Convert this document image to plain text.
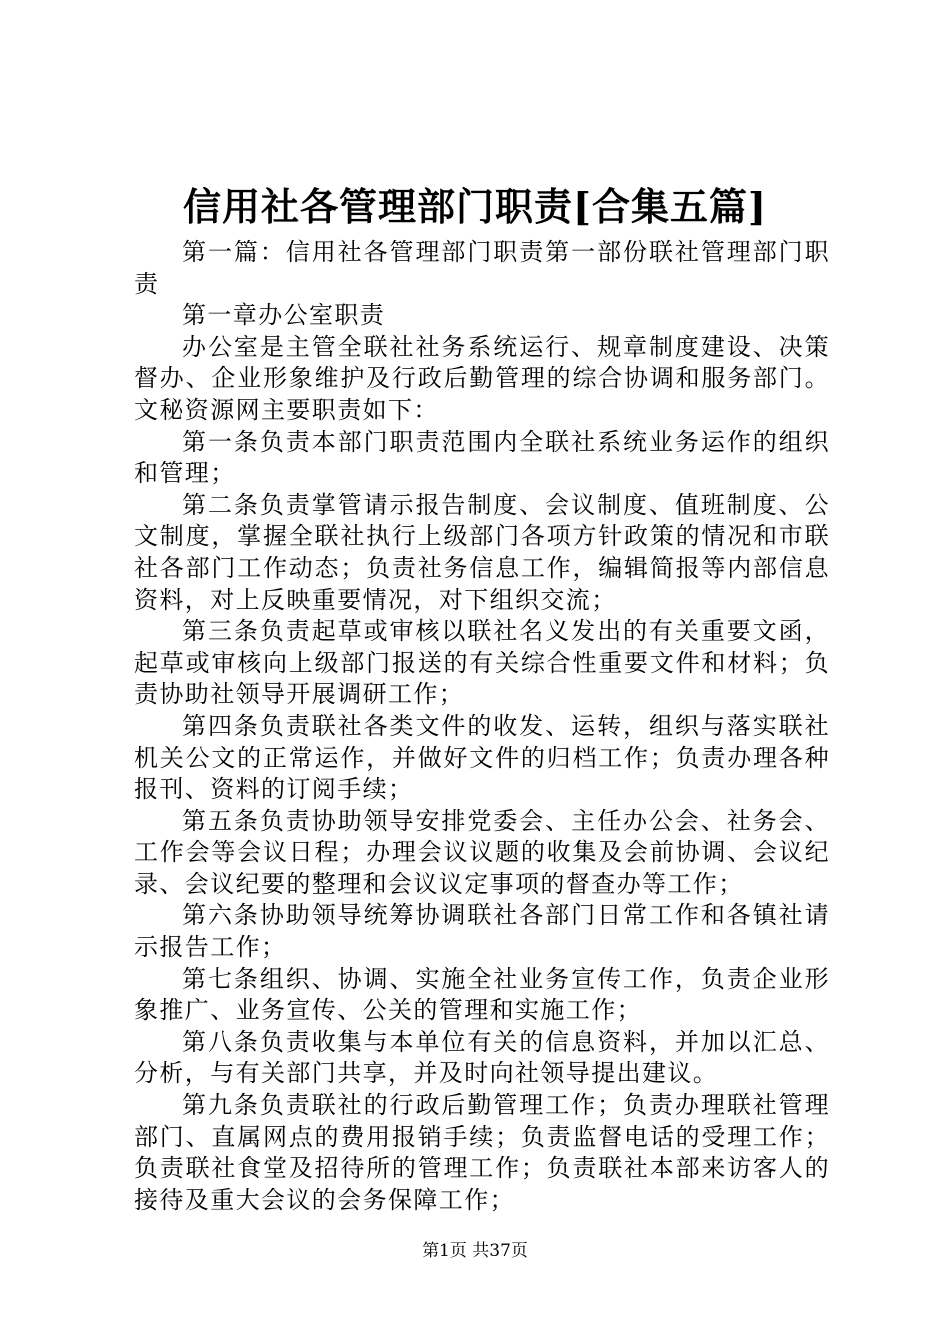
信用社各管理部门职责[合集五篇]

第一篇：信用社各管理部门职责第一部份联社管理部门职责

第一章办公室职责

办公室是主管全联社社务系统运行、规章制度建设、决策督办、企业形象维护及行政后勤管理的综合协调和服务部门。文秘资源网主要职责如下：

第一条负责本部门职责范围内全联社系统业务运作的组织和管理；

第二条负责掌管请示报告制度、会议制度、值班制度、公文制度，掌握全联社执行上级部门各项方针政策的情况和市联社各部门工作动态；负责社务信息工作，编辑简报等内部信息资料，对上反映重要情况，对下组织交流；

第三条负责起草或审核以联社名义发出的有关重要文函，起草或审核向上级部门报送的有关综合性重要文件和材料；负责协助社领导开展调研工作；

第四条负责联社各类文件的收发、运转，组织与落实联社机关公文的正常运作，并做好文件的归档工作；负责办理各种报刊、资料的订阅手续；

第五条负责协助领导安排党委会、主任办公会、社务会、工作会等会议日程；办理会议议题的收集及会前协调、会议纪录、会议纪要的整理和会议议定事项的督查办等工作；

第六条协助领导统筹协调联社各部门日常工作和各镇社请示报告工作；

第七条组织、协调、实施全社业务宣传工作，负责企业形象推广、业务宣传、公关的管理和实施工作；

第八条负责收集与本单位有关的信息资料，并加以汇总、分析，与有关部门共享，并及时向社领导提出建议。

第九条负责联社的行政后勤管理工作；负责办理联社管理部门、直属网点的费用报销手续；负责监督电话的受理工作；负责联社食堂及招待所的管理工作；负责联社本部来访客人的接待及重大会议的会务保障工作；

第1页 共37页
